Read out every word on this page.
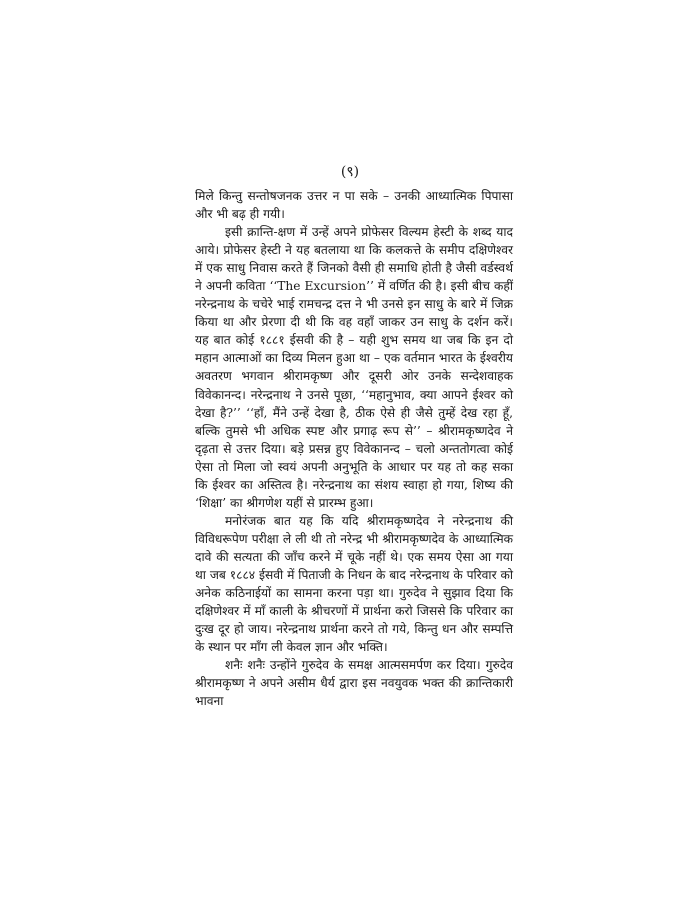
(९)

मिले किन्तु सन्तोषजनक उत्तर न पा सके – उनकी आध्यात्मिक पिपासा और भी बढ़ ही गयी।

इसी क्रान्ति-क्षण में उन्हें अपने प्रोफेसर विल्यम हेस्टी के शब्द याद आये। प्रोफेसर हेस्टी ने यह बतलाया था कि कलकत्ते के समीप दक्षिणेश्वर में एक साधु निवास करते हैं जिनको वैसी ही समाधि होती है जैसी वर्डस्वर्थ ने अपनी कविता ‘‘The Excursion’’ में वर्णित की है। इसी बीच कहीं नरेन्द्रनाथ के चचेरे भाई रामचन्द्र दत्त ने भी उनसे इन साधु के बारे में जिक्र किया था और प्रेरणा दी थी कि वह वहाँ जाकर उन साधु के दर्शन करें। यह बात कोई १८८१ ईसवी की है – यही शुभ समय था जब कि इन दो महान आत्माओं का दिव्य मिलन हुआ था – एक वर्तमान भारत के ईश्वरीय अवतरण भगवान श्रीरामकृष्ण और दूसरी ओर उनके सन्देशवाहक विवेकानन्द। नरेन्द्रनाथ ने उनसे पूछा, ‘‘महानुभाव, क्या आपने ईश्वर को देखा है?’’ ‘‘हाँ, मैंने उन्हें देखा है, ठीक ऐसे ही जैसे तुम्हें देख रहा हूँ, बल्कि तुमसे भी अधिक स्पष्ट और प्रगाढ़ रूप से’’ – श्रीरामकृष्णदेव ने दृढ़ता से उत्तर दिया। बड़े प्रसन्न हुए विवेकानन्द – चलो अन्ततोगत्वा कोई ऐसा तो मिला जो स्वयं अपनी अनुभूति के आधार पर यह तो कह सका कि ईश्वर का अस्तित्व है। नरेन्द्रनाथ का संशय स्वाहा हो गया, शिष्य की ‘शिक्षा’ का श्रीगणेश यहीं से प्रारम्भ हुआ।

मनोरंजक बात यह कि यदि श्रीरामकृष्णदेव ने नरेन्द्रनाथ की विविधरूपेण परीक्षा ले ली थी तो नरेन्द्र भी श्रीरामकृष्णदेव के आध्यात्मिक दावे की सत्यता की जाँच करने में चूके नहीं थे। एक समय ऐसा आ गया था जब १८८४ ईसवी में पिताजी के निधन के बाद नरेन्द्रनाथ के परिवार को अनेक कठिनाईयों का सामना करना पड़ा था। गुरुदेव ने सुझाव दिया कि दक्षिणेश्वर में माँ काली के श्रीचरणों में प्रार्थना करो जिससे कि परिवार का दुःख दूर हो जाय। नरेन्द्रनाथ प्रार्थना करने तो गये, किन्तु धन और सम्पत्ति के स्थान पर माँग ली केवल ज्ञान और भक्ति।

शनैः शनैः उन्होंने गुरुदेव के समक्ष आत्मसमर्पण कर दिया। गुरुदेव श्रीरामकृष्ण ने अपने असीम धैर्य द्वारा इस नवयुवक भक्त की क्रान्तिकारी भावना
